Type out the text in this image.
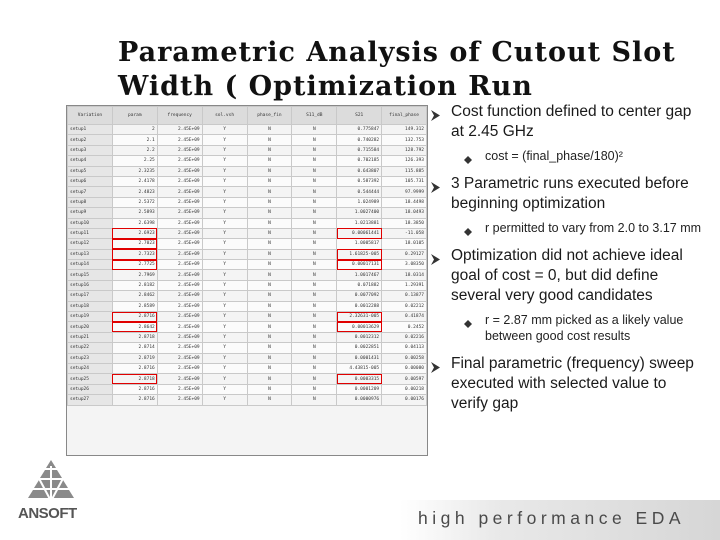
Parametric Analysis of Cutout Slot Width ( Optimization Run
Variation	param	frequency	sol.vsh	phase_fin	S11_dB	S21	final_phase
setup1	2	2.45E+09	Y	N	N	0.775847	149.312
setup2	2.1	2.45E+09	Y	N	N	0.740282	132.753
setup3	2.2	2.45E+09	Y	N	N	0.715584	128.792
setup4	2.25	2.45E+09	Y	N	N	0.702185	126.393
setup5	2.3235	2.45E+09	Y	N	N	0.643807	115.885
setup6	2.4178	2.45E+09	Y	N	N	0.587392	105.731
setup7	2.4823	2.45E+09	Y	N	N	0.544444	97.9999
setup8	2.5372	2.45E+09	Y	N	N	1.024989	18.4498
setup9	2.5893	2.45E+09	Y	N	N	1.0027400	18.0493
setup10	2.6398	2.45E+09	Y	N	N	1.0213881	18.3850
setup11	2.6923	2.45E+09	Y	N	N	0.00061441	-11.058
setup12	2.7023	2.45E+09	Y	N	N	1.0005817	18.0105
setup13	2.7323	2.45E+09	Y	N	N	1.61825-005	0.29127
setup14	2.7725	2.45E+09	Y	N	N	0.00017131	3.08350
setup15	2.7969	2.45E+09	Y	N	N	1.0017467	18.0314
setup16	2.8182	2.45E+09	Y	N	N	0.071882	1.29391
setup17	2.8462	2.45E+09	Y	N	N	0.0077092	0.13877
setup18	2.8589	2.45E+09	Y	N	N	0.0012288	0.02212
setup19	2.8716	2.45E+09	Y	N	N	2.32631-005	0.41874
setup20	2.8642	2.45E+09	Y	N	N	0.00013629	0.2452
setup21	2.8718	2.45E+09	Y	N	N	0.0012312	0.02216
setup22	2.8714	2.45E+09	Y	N	N	0.0022851	0.04113
setup23	2.8719	2.45E+09	Y	N	N	0.0001431	0.00258
setup24	2.8716	2.45E+09	Y	N	N	4.43815-005	0.00080
setup25	2.8718	2.45E+09	Y	N	N	0.0003315	0.00597
setup26	2.8716	2.45E+09	Y	N	N	0.0001209	0.00218
setup27	2.8716	2.45E+09	Y	N	N	0.0000976	0.00176
Cost function defined to center gap at 2.45 GHz
cost = (final_phase/180)²
3 Parametric runs executed before beginning optimization
r permitted to vary from 2.0 to 3.17 mm
Optimization did not achieve ideal goal of cost = 0, but did define several very good candidates
r = 2.87 mm picked as a likely value between good cost results
Final parametric (frequency) sweep executed with selected value to verify gap
ANSOFT	high performance EDA
